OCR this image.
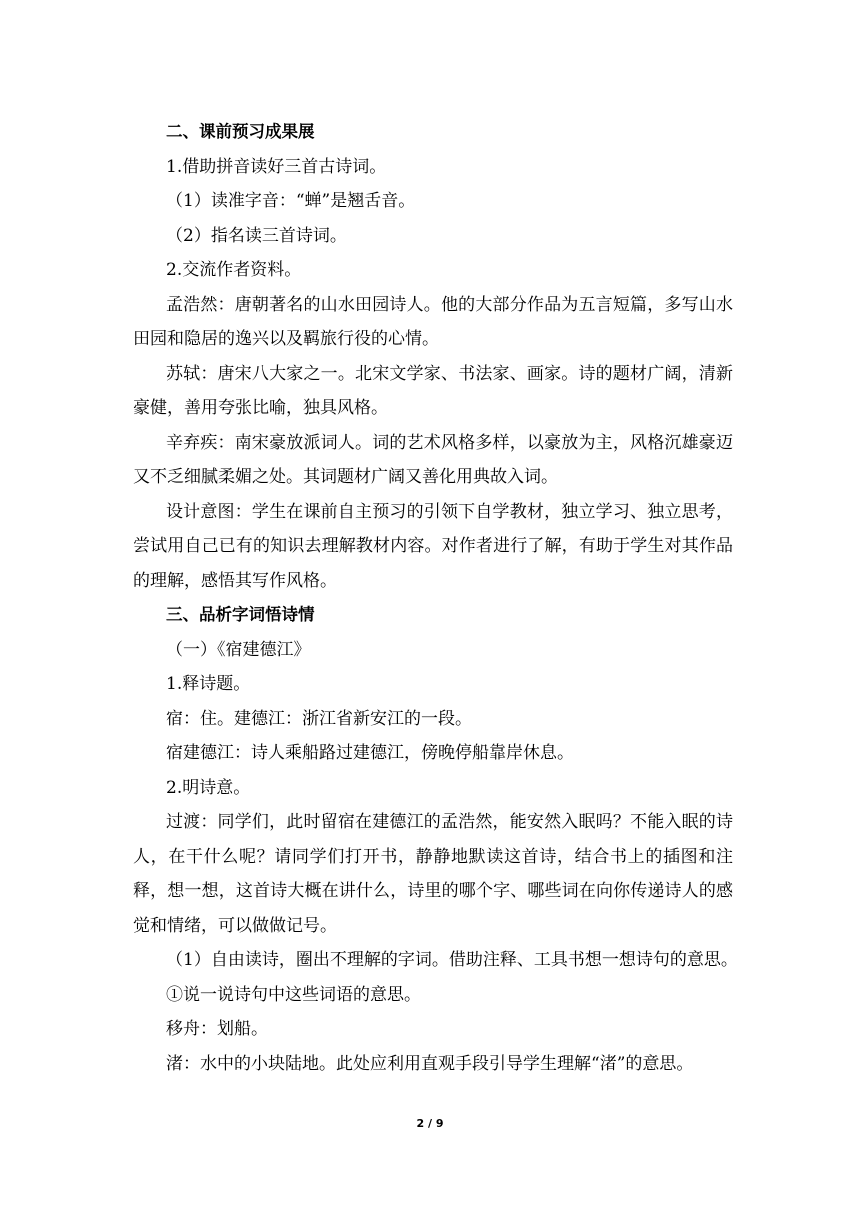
二、课前预习成果展

1.借助拼音读好三首古诗词。

（1）读准字音：“蝉”是翘舌音。

（2）指名读三首诗词。

2.交流作者资料。

孟浩然：唐朝著名的山水田园诗人。他的大部分作品为五言短篇，多写山水田园和隐居的逸兴以及羁旅行役的心情。

苏轼：唐宋八大家之一。北宋文学家、书法家、画家。诗的题材广阔，清新豪健，善用夸张比喻，独具风格。

辛弃疾：南宋豪放派词人。词的艺术风格多样，以豪放为主，风格沉雄豪迈又不乏细腻柔媚之处。其词题材广阔又善化用典故入词。

设计意图：学生在课前自主预习的引领下自学教材，独立学习、独立思考，尝试用自己已有的知识去理解教材内容。对作者进行了解，有助于学生对其作品的理解，感悟其写作风格。

三、品析字词悟诗情

（一）《宿建德江》

1.释诗题。

宿：住。建德江：浙江省新安江的一段。

宿建德江：诗人乘船路过建德江，傍晚停船靠岸休息。

2.明诗意。

过渡：同学们，此时留宿在建德江的孟浩然，能安然入眠吗？不能入眠的诗人，在干什么呢？请同学们打开书，静静地默读这首诗，结合书上的插图和注释，想一想，这首诗大概在讲什么，诗里的哪个字、哪些词在向你传递诗人的感觉和情绪，可以做做记号。

（1）自由读诗，圈出不理解的字词。借助注释、工具书想一想诗句的意思。

①说一说诗句中这些词语的意思。

移舟：划船。

渚：水中的小块陆地。此处应利用直观手段引导学生理解“渚”的意思。

2 / 9
